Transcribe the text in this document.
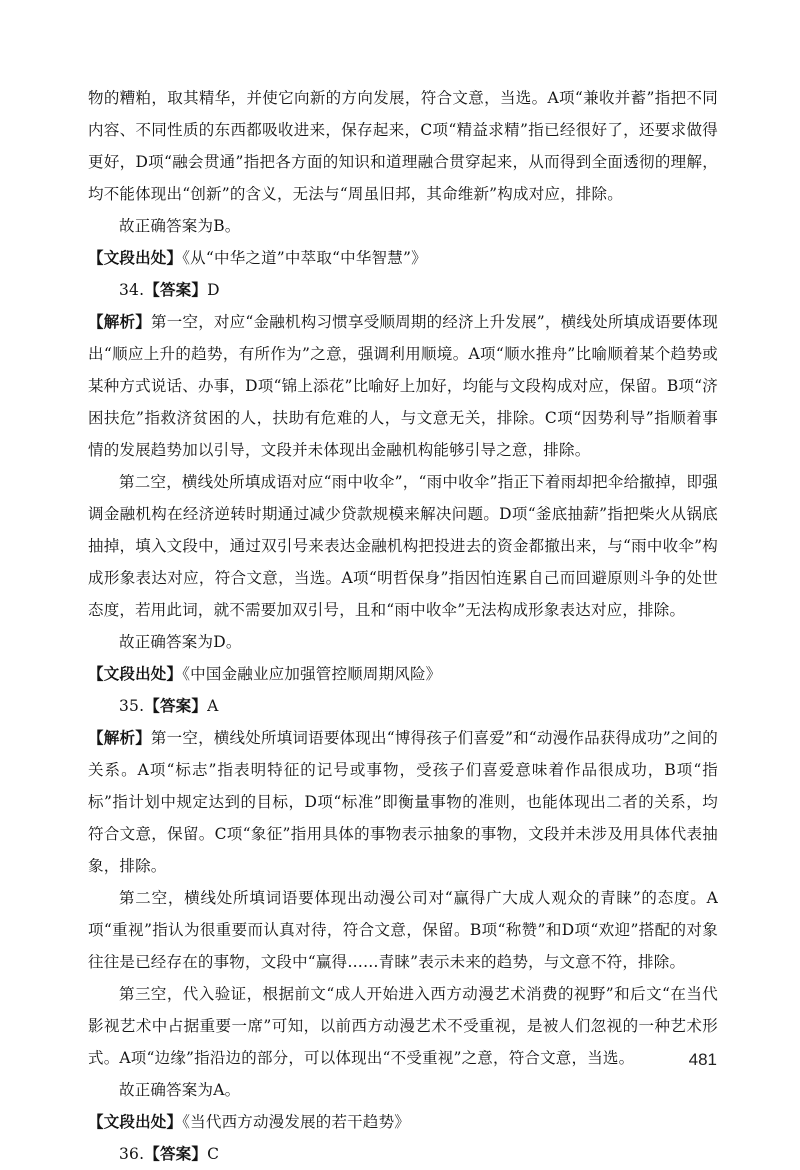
物的糟粕，取其精华，并使它向新的方向发展，符合文意，当选。A项“兼收并蓄”指把不同内容、不同性质的东西都吸收进来，保存起来，C项“精益求精”指已经很好了，还要求做得更好，D项“融会贯通”指把各方面的知识和道理融合贯穿起来，从而得到全面透彻的理解，均不能体现出“创新”的含义，无法与“周虽旧邦，其命维新”构成对应，排除。

故正确答案为B。

【文段出处】《从“中华之道”中萃取“中华智慧”》

34.【答案】D

【解析】第一空，对应“金融机构习惯享受顺周期的经济上升发展”，横线处所填成语要体现出“顺应上升的趋势，有所作为”之意，强调利用顺境。A项“顺水推舟”比喻顺着某个趋势或某种方式说话、办事，D项“锦上添花”比喻好上加好，均能与文段构成对应，保留。B项“济困扶危”指救济贫困的人，扶助有危难的人，与文意无关，排除。C项“因势利导”指顺着事情的发展趋势加以引导，文段并未体现出金融机构能够引导之意，排除。

第二空，横线处所填成语对应“雨中收伞”，“雨中收伞”指正下着雨却把伞给撤掉，即强调金融机构在经济逆转时期通过减少贷款规模来解决问题。D项“釜底抽薪”指把柴火从锅底抽掉，填入文段中，通过双引号来表达金融机构把投进去的资金都撤出来，与“雨中收伞”构成形象表达对应，符合文意，当选。A项“明哲保身”指因怕连累自己而回避原则斗争的处世态度，若用此词，就不需要加双引号，且和“雨中收伞”无法构成形象表达对应，排除。

故正确答案为D。

【文段出处】《中国金融业应加强管控顺周期风险》

35.【答案】A

【解析】第一空，横线处所填词语要体现出“博得孩子们喜爱”和“动漫作品获得成功”之间的关系。A项“标志”指表明特征的记号或事物，受孩子们喜爱意味着作品很成功，B项“指标”指计划中规定达到的目标，D项“标准”即衡量事物的准则，也能体现出二者的关系，均符合文意，保留。C项“象征”指用具体的事物表示抽象的事物，文段并未涉及用具体代表抽象，排除。

第二空，横线处所填词语要体现出动漫公司对“赢得广大成人观众的青睐”的态度。A项“重视”指认为很重要而认真对待，符合文意，保留。B项“称赞”和D项“欢迎”搭配的对象往往是已经存在的事物，文段中“赢得……青睐”表示未来的趋势，与文意不符，排除。

第三空，代入验证，根据前文“成人开始进入西方动漫艺术消费的视野”和后文“在当代影视艺术中占据重要一席”可知，以前西方动漫艺术不受重视，是被人们忽视的一种艺术形式。A项“边缘”指沿边的部分，可以体现出“不受重视”之意，符合文意，当选。

故正确答案为A。

【文段出处】《当代西方动漫发展的若干趋势》

36.【答案】C

481
